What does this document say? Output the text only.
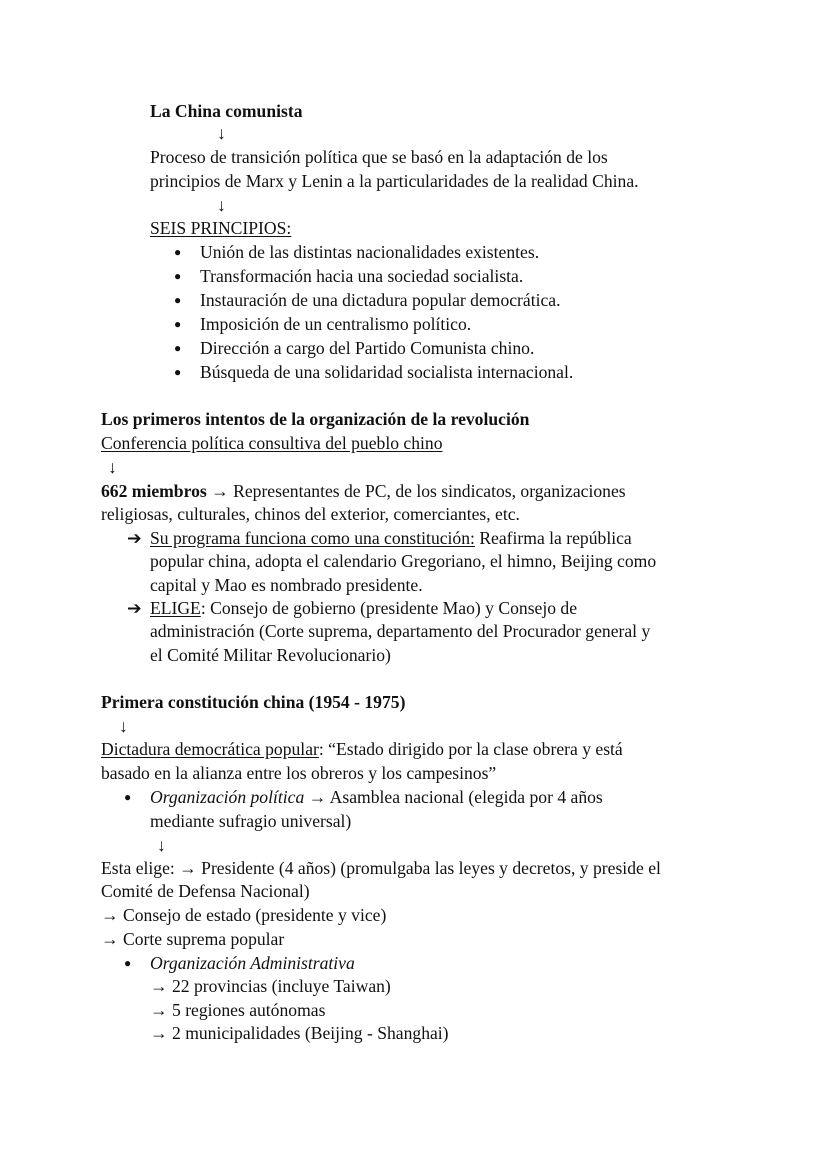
La China comunista
↓
Proceso de transición política que se basó en la adaptación de los
principios de Marx y Lenin a la particularidades de la realidad China.
↓
SEIS PRINCIPIOS:
● Unión de las distintas nacionalidades existentes.
● Transformación hacia una sociedad socialista.
● Instauración de una dictadura popular democrática.
● Imposición de un centralismo político.
● Dirección a cargo del Partido Comunista chino.
● Búsqueda de una solidaridad socialista internacional.
Los primeros intentos de la organización de la revolución
Conferencia política consultiva del pueblo chino
↓
662 miembros → Representantes de PC, de los sindicatos, organizaciones
religiosas, culturales, chinos del exterior, comerciantes, etc.
➔ Su programa funciona como una constitución: Reafirma la república
popular china, adopta el calendario Gregoriano, el himno, Beijing como
capital y Mao es nombrado presidente.
➔ ELIGE: Consejo de gobierno (presidente Mao) y Consejo de
administración (Corte suprema, departamento del Procurador general y
el Comité Militar Revolucionario)
Primera constitución china (1954 - 1975)
↓
Dictadura democrática popular: “Estado dirigido por la clase obrera y está
basado en la alianza entre los obreros y los campesinos”
● Organización política → Asamblea nacional (elegida por 4 años
mediante sufragio universal)
↓
Esta elige: → Presidente (4 años) (promulgaba las leyes y decretos, y preside el
Comité de Defensa Nacional)
→ Consejo de estado (presidente y vice)
→ Corte suprema popular
● Organización Administrativa
→ 22 provincias (incluye Taiwan)
→ 5 regiones autónomas
→ 2 municipalidades (Beijing - Shanghai)
